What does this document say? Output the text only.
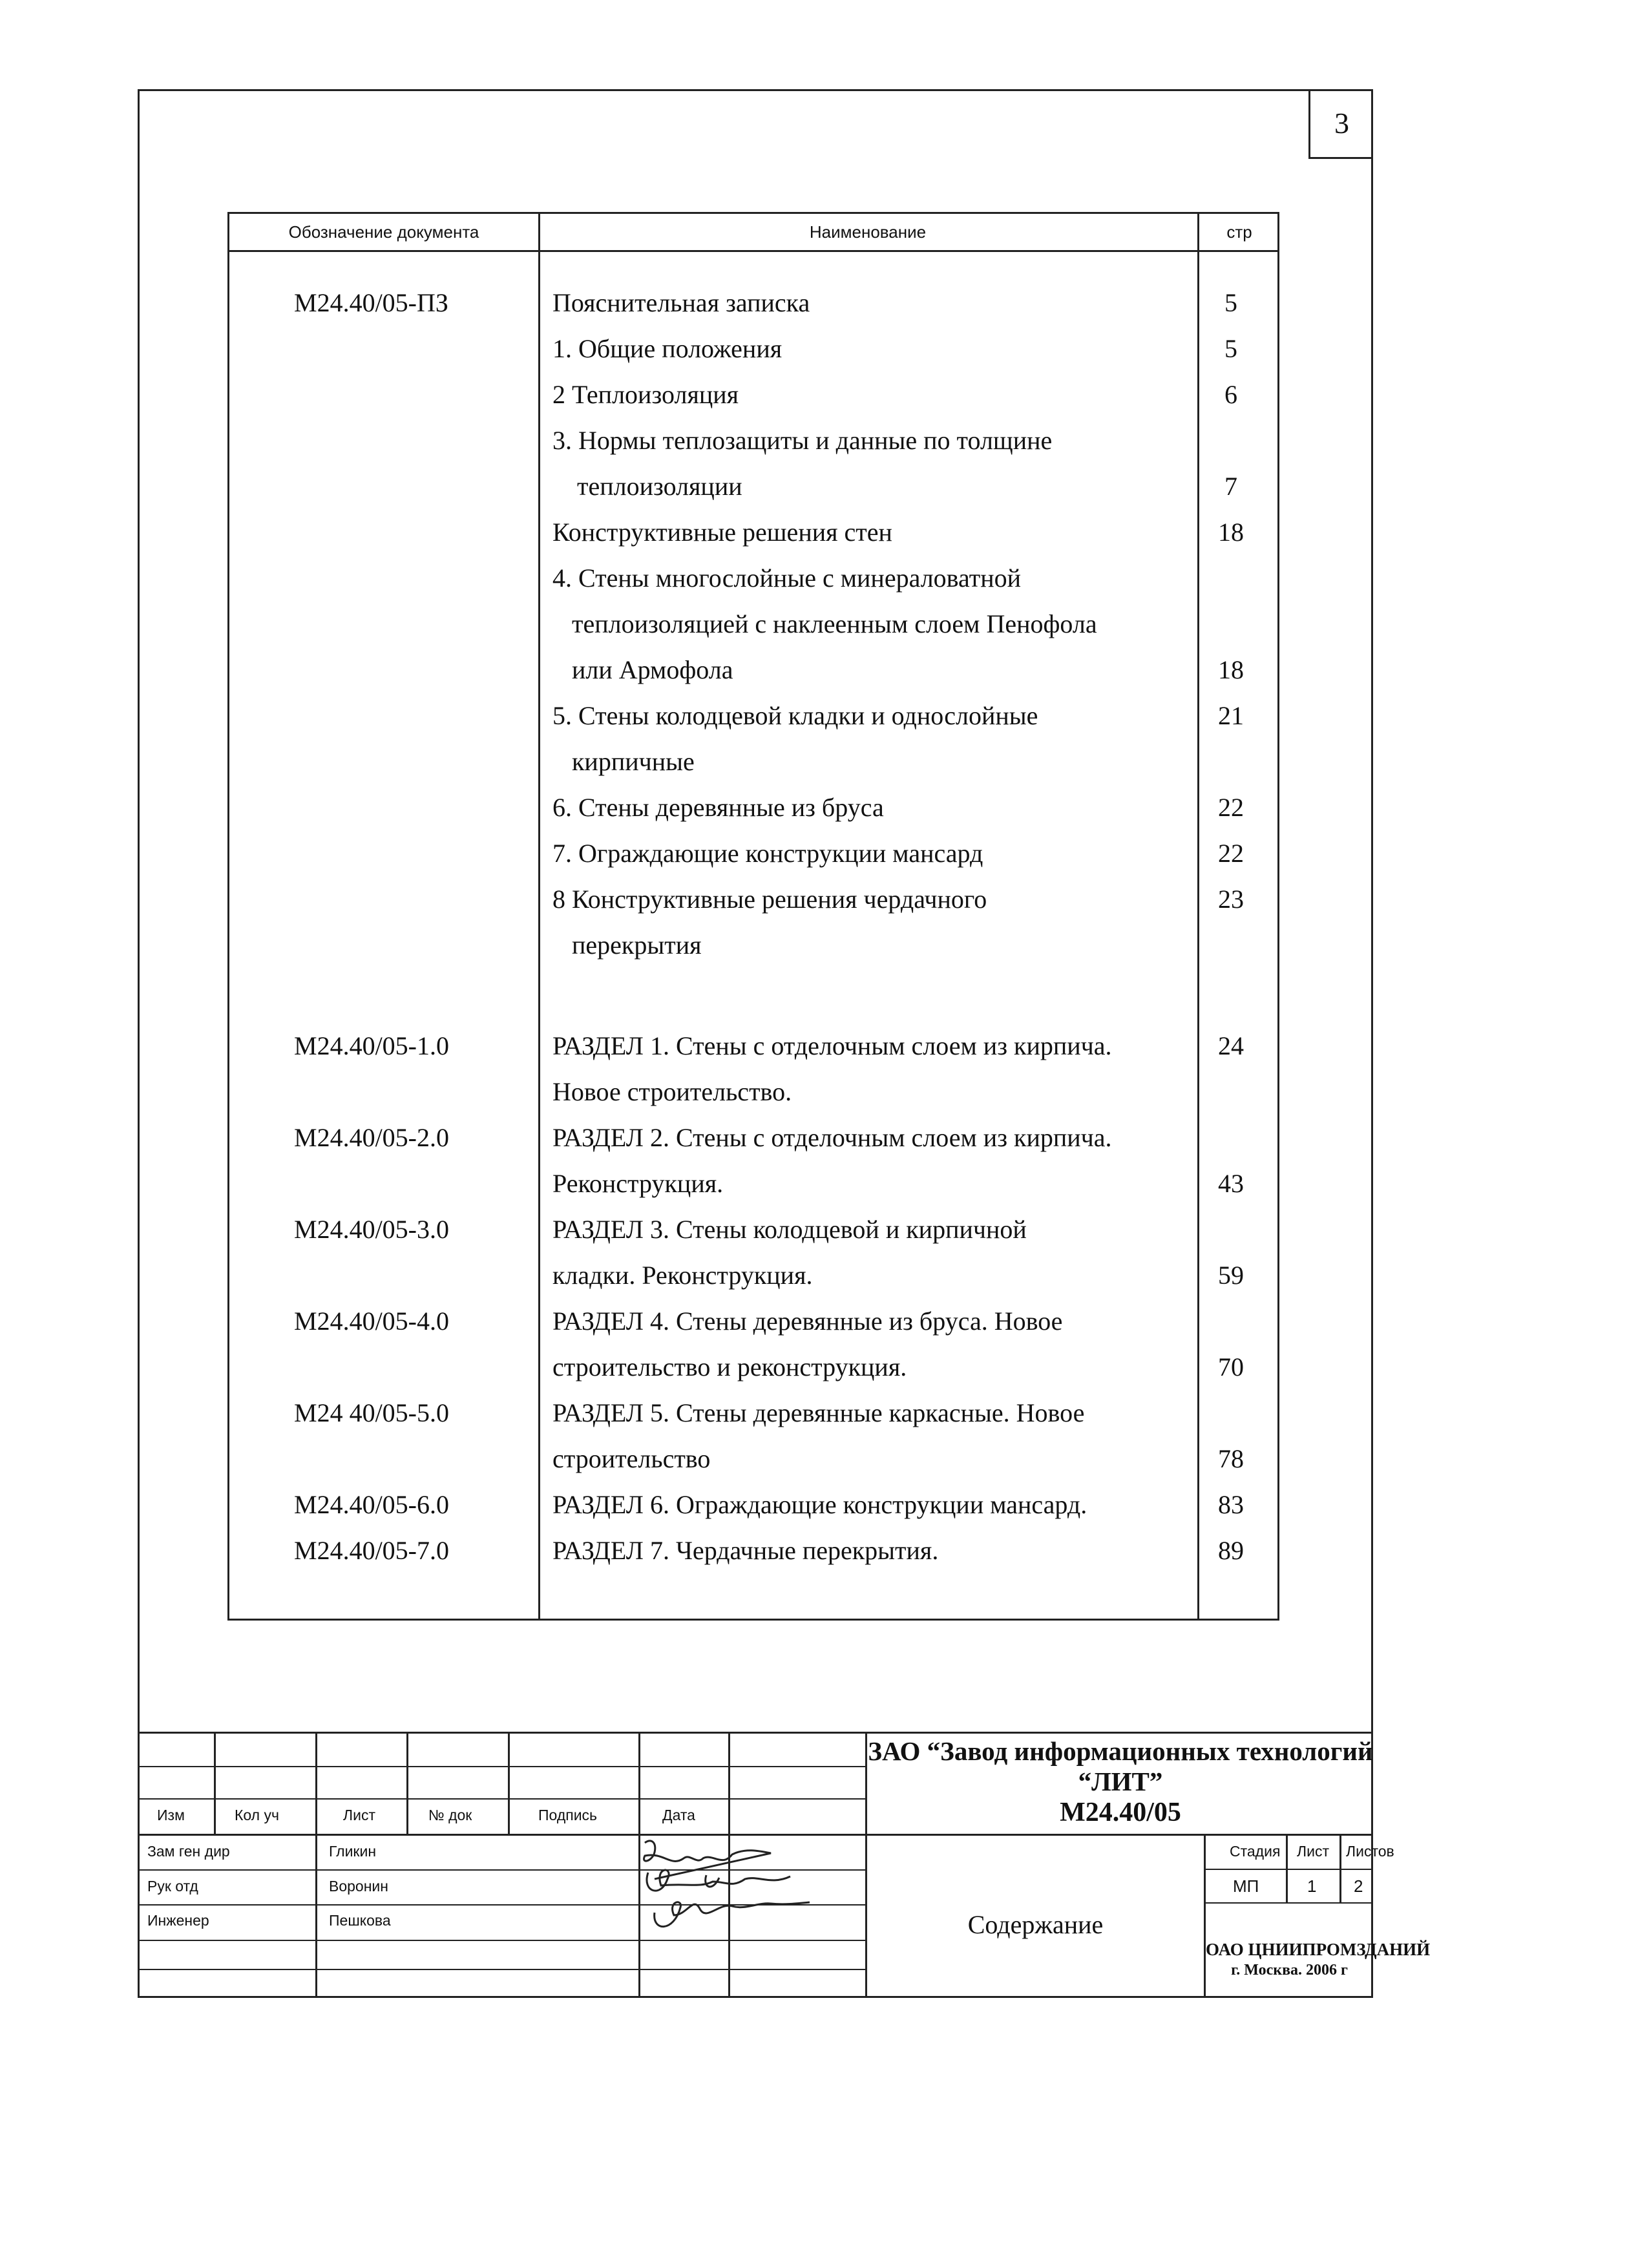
3
Обозначение документа	Наименование	стр
М24.40/05-ПЗ	Пояснительная записка	5
1. Общие положения	5
2 Теплоизоляция	6
3. Нормы теплозащиты и данные по толщине
теплоизоляции	7
Конструктивные решения стен	18
4. Стены многослойные с минераловатной
теплоизоляцией с наклеенным слоем Пенофола
или Армофола	18
5. Стены колодцевой кладки и однослойные	21
кирпичные
6. Стены деревянные из бруса	22
7. Ограждающие конструкции мансард	22
8 Конструктивные решения чердачного	23
перекрытия
М24.40/05-1.0	РАЗДЕЛ 1. Стены с отделочным слоем из кирпича.	24
Новое строительство.
М24.40/05-2.0	РАЗДЕЛ 2. Стены с отделочным слоем из кирпича.
Реконструкция.	43
М24.40/05-3.0	РАЗДЕЛ 3. Стены колодцевой и кирпичной
кладки. Реконструкция.	59
М24.40/05-4.0	РАЗДЕЛ 4. Стены деревянные из бруса. Новое
строительство и реконструкция.	70
М24 40/05-5.0	РАЗДЕЛ 5. Стены деревянные каркасные. Новое
строительство	78
М24.40/05-6.0	РАЗДЕЛ 6. Ограждающие конструкции мансард.	83
М24.40/05-7.0	РАЗДЕЛ 7. Чердачные перекрытия.	89
Изм	Кол уч	Лист	№ док	Подпись	Дата
Зам ген дир	Гликин
Рук отд	Воронин
Инженер	Пешкова
ЗАО “Завод информационных технологий
“ЛИТ”
М24.40/05
Содержание
Стадия Лист Листов
МП	1 2
ОАО ЦНИИПРОМЗДАНИЙ
г. Москва. 2006 г
